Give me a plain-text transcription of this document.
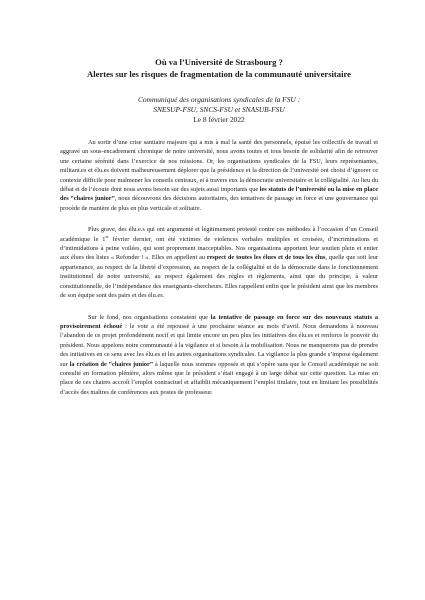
Où va l’Université de Strasbourg ?
Alertes sur les risques de fragmentation de la communauté universitaire

Communiqué des organisations syndicales de la FSU :

SNESUP-FSU, SNCS-FSU et SNASUB-FSU

Le 8 février 2022

Au sortir d’une crise sanitaire majeure qui a mis à mal la santé des personnels, épuisé les collectifs de travail et aggravé un sous-encadrement chronique de notre université, nous avons toutes et tous besoin de solidarité afin de retrouver une certaine sérénité dans l’exercice de nos missions. Or, les organisations syndicales de la FSU, leurs représentantes, militant.es et élu.es doivent malheureusement déplorer que la présidence et la direction de l’université ont choisi d’ignorer ce contexte difficile pour malmener les conseils centraux, et à travers eux la démocratie universitaire et la collégialité. Au lieu du débat et de l’écoute dont nous avons besoin sur des sujets aussi importants que les statuts de l’université ou la mise en place des “chaires junior”, nous découvrons des décisions autoritaires, des tentatives de passage en force et une gouvernance qui procède de manière de plus en plus verticale et solitaire.

Plus grave, des élu.e.s qui ont argumenté et légitimement protesté contre ces méthodes à l’occasion d’un Conseil académique le 1er février dernier, ont été victimes de violences verbales multiples et croisées, d’incriminations et d’intimidations à peine voilées, qui sont proprement inacceptables. Nos organisations apportent leur soutien plein et entier aux élues des listes « Refonder ! ». Elles en appellent au respect de toutes les élues et de tous les élus, quelle que soit leur appartenance, au respect de la liberté d’expression, au respect de la collégialité et de la démocratie dans le fonctionnement institutionnel de notre université, au respect également des règles et règlements, ainsi que du principe, à valeur constitutionnelle, de l’indépendance des enseignants-chercheurs. Elles rappellent enfin que le président ainsi que les membres de son équipe sont des pairs et des élu.es.

Sur le fond, nos organisations constatent que la tentative de passage en force sur des nouveaux statuts a provisoirement échoué : le vote a été repoussé à une prochaine séance au mois d’avril. Nous demandons à nouveau l’abandon de ce projet profondément nocif et qui limite encore un peu plus les initiatives des élu.es et renforce le pouvoir du président. Nous appelons notre communauté à la vigilance et si besoin à la mobilisation. Nous ne manquerons pas de prendre des initiatives en ce sens avec les élu.es et les autres organisations syndicales. La vigilance la plus grande s’impose également sur la création de “chaires junior” à laquelle nous sommes opposés et qui s’opère sans que le Conseil académique ne soit consulté en formation plénière, alors même que le président s’était engagé à un large débat sur cette question. La mise en place de ces chaires accroît l’emploi contractuel et affaiblit mécaniquement l’emploi titulaire, tout en limitant les possibilités d’accès des maîtres de conférences aux postes de professeur.
